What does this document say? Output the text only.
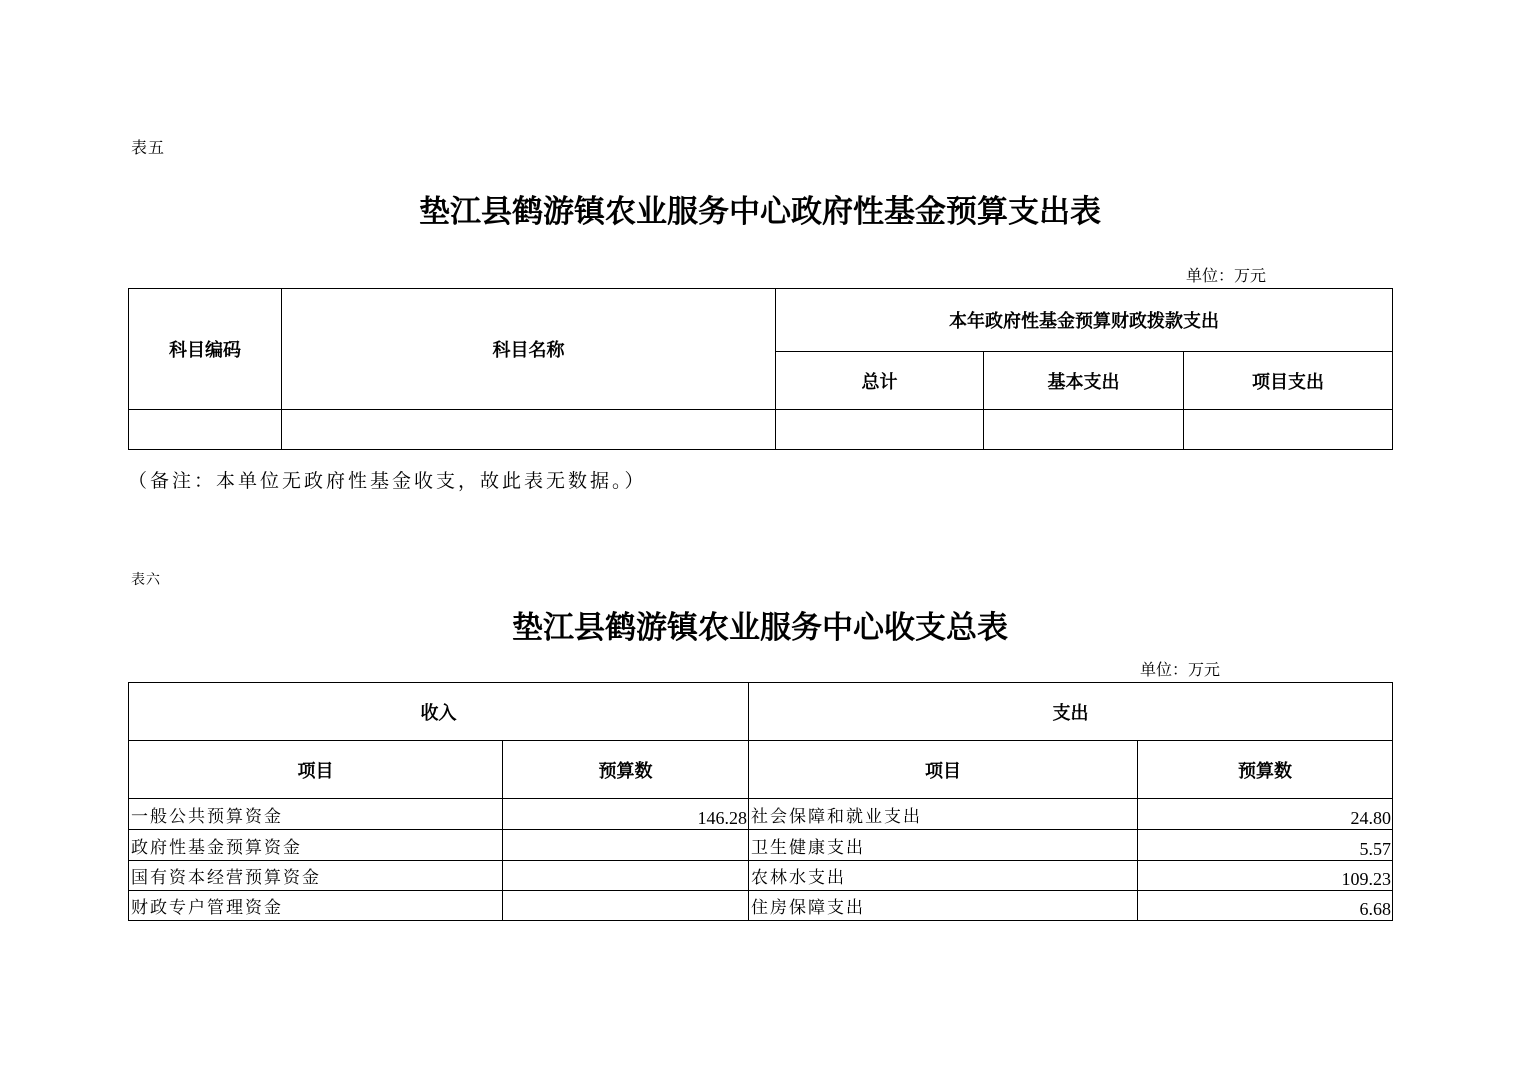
表五
垫江县鹤游镇农业服务中心政府性基金预算支出表
单位：万元
科目编码	科目名称	本年政府性基金预算财政拨款支出		
		总计	基本支出	项目支出

（备注：本单位无政府性基金收支，故此表无数据。）
表六
垫江县鹤游镇农业服务中心收支总表
单位：万元
收入		支出	
项目	预算数	项目	预算数
一般公共预算资金	146.28	社会保障和就业支出	24.80
政府性基金预算资金		卫生健康支出	5.57
国有资本经营预算资金		农林水支出	109.23
财政专户管理资金		住房保障支出	6.68
